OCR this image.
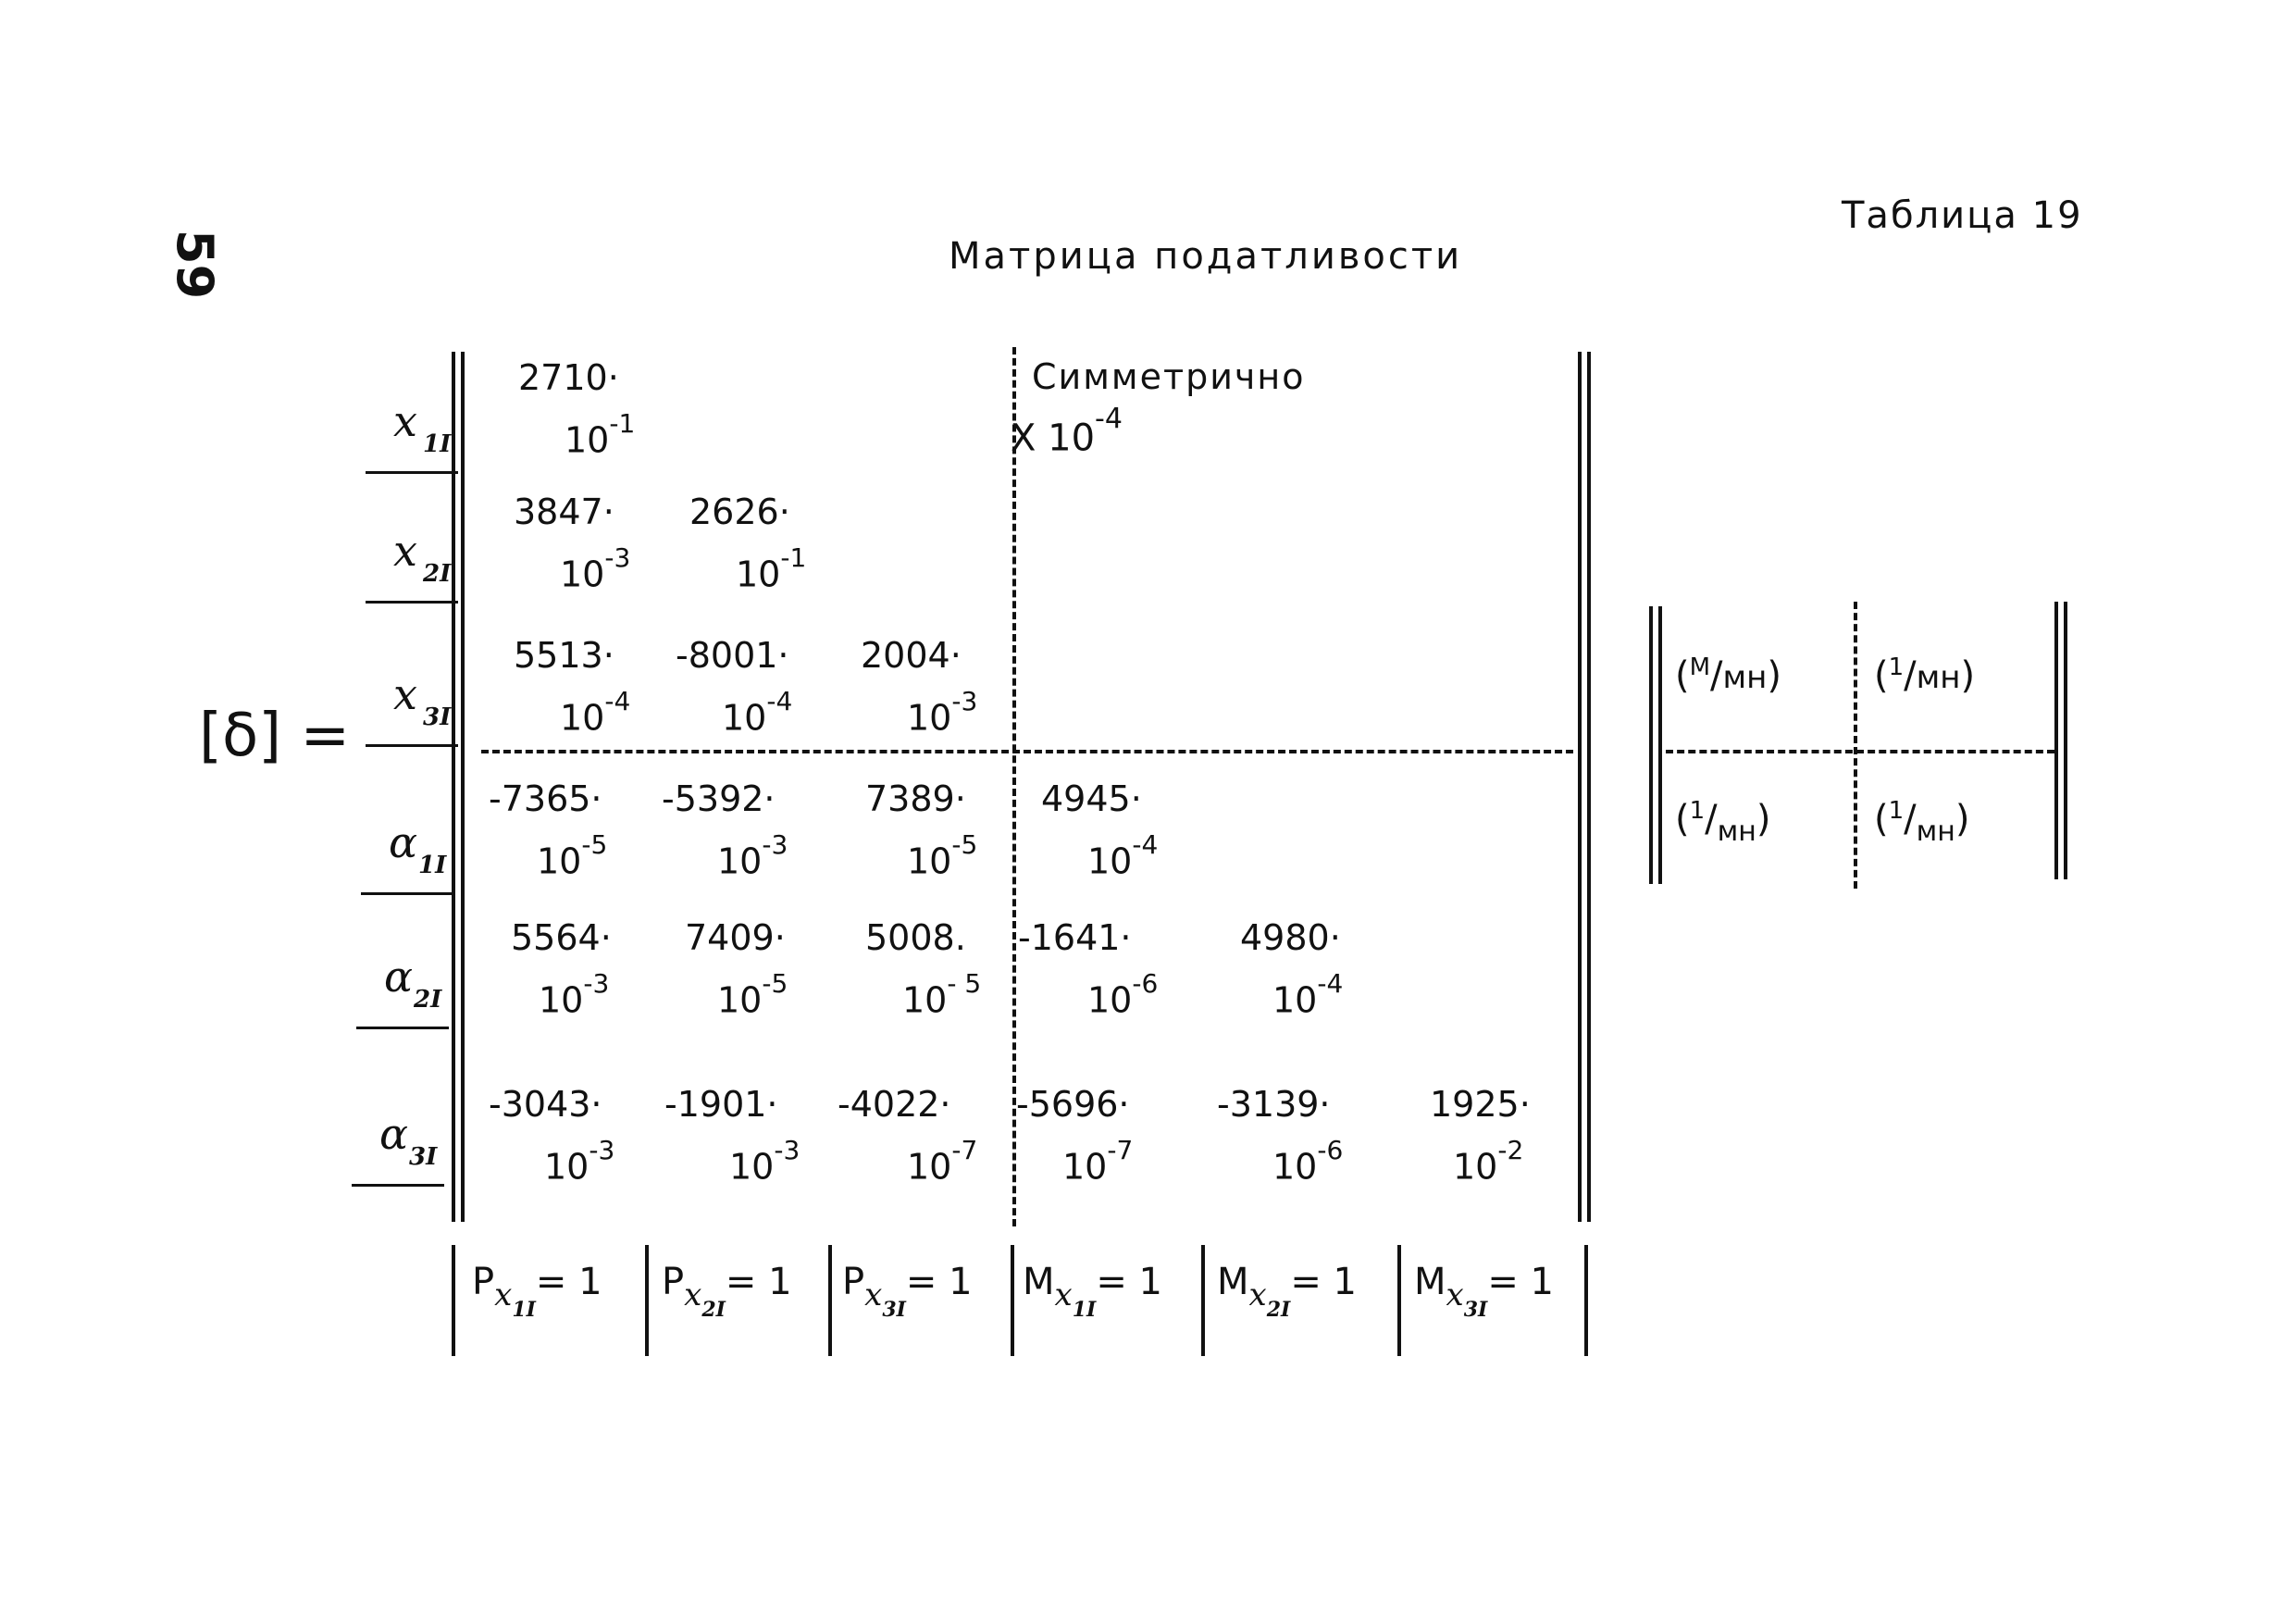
59
Таблица 19
Матрица податливости
[δ] =
x 1I
x 2I
x 3I
α 1I
α 2I
α 3I
2710·
$10^{-1}$
3847·
$10^{-3}$
2626·
$10^{-1}$
5513·
$10^{-4}$
-8001·
$10^{-4}$
2004·
$10^{-3}$
-7365·
$10^{-5}$
-5392·
$10^{-3}$
7389·
$10^{-5}$
4945·
$10^{-4}$
5564·
$10^{-3}$
7409·
$10^{-5}$
5008.
$10^{- 5}$
-1641·
$10^{-6}$
4980·
$10^{-4}$
-3043·
$10^{-3}$
-1901·
$10^{-3}$
-4022·
$10^{-7}$
-5696·
$10^{-7}$
-3139·
$10^{-6}$
1925·
$10^{-2}$
Симметрично
X $10^{-4}$
($^М$/мн) ($^1$/мн)
$(^1/_{мн})$	$(^1/_{мн})$
$P_{x1I}= 1$ $P_{x2I}= 1$ $P_{x3I}= 1$ $M_{x1I}= 1$ $M_{x2I}= 1$ $M_{x3I}= 1$
